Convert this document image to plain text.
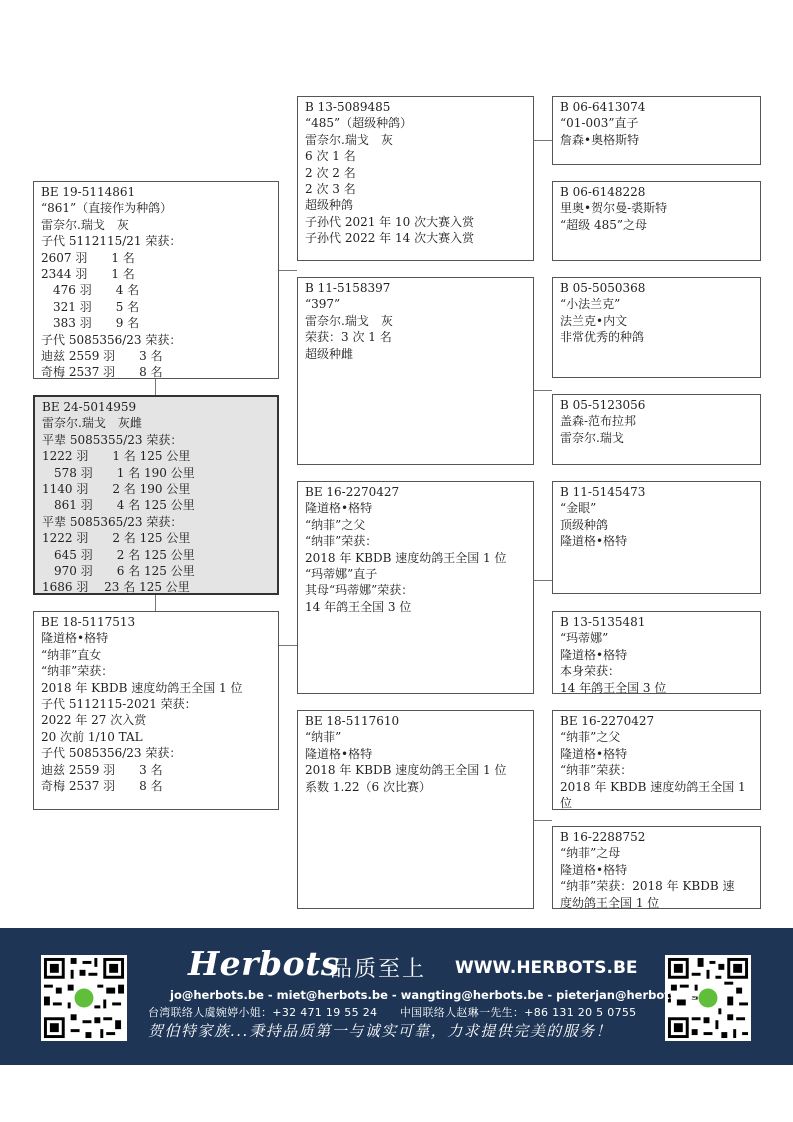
B 13-5089485
“485”（超级种鸽）
雷奈尔.瑞戈　灰
6 次 1 名
2 次 2 名
2 次 3 名
超级种鸽
子孙代 2021 年 10 次大赛入赏
子孙代 2022 年 14 次大赛入赏
B 11-5158397
“397”
雷奈尔.瑞戈　灰
荣获：3 次 1 名
超级种雌
BE 16-2270427
隆道格•格特
“纳菲”之父
“纳菲”荣获：
2018 年 KBDB 速度幼鸽王全国 1 位
“玛蒂娜”直子
其母“玛蒂娜”荣获：
14 年鸽王全国 3 位
BE 18-5117610
“纳菲”
隆道格•格特
2018 年 KBDB 速度幼鸽王全国 1 位
系数 1.22（6 次比赛）
BE 19-5114861
“861”（直接作为种鸽）
雷奈尔.瑞戈　灰
子代 5112115/21 荣获：
2607 羽　　1 名
2344 羽　　1 名
　476 羽　　4 名
　321 羽　　5 名
　383 羽　　9 名
子代 5085356/23 荣获：
迪兹 2559 羽　　3 名
奇梅 2537 羽　　8 名
BE 24-5014959
雷奈尔.瑞戈　灰雌
平辈 5085355/23 荣获：
1222 羽　　1 名 125 公里
　578 羽　　1 名 190 公里
1140 羽　　2 名 190 公里
　861 羽　　4 名 125 公里
平辈 5085365/23 荣获：
1222 羽　　2 名 125 公里
　645 羽　　2 名 125 公里
　970 羽　　6 名 125 公里
1686 羽　 23 名 125 公里
BE 18-5117513
隆道格•格特
“纳菲”直女
“纳菲”荣获：
2018 年 KBDB 速度幼鸽王全国 1 位
子代 5112115-2021 荣获：
2022 年 27 次入赏
20 次前 1/10 TAL
子代 5085356/23 荣获：
迪兹 2559 羽　　3 名
奇梅 2537 羽　　8 名
B 06-6413074
“01-003”直子
詹森•奥格斯特
B 06-6148228
里奥•贺尔曼-裘斯特
“超级 485”之母
B 05-5050368
“小法兰克”
法兰克•内文
非常优秀的种鸽
B 05-5123056
盖森-范布拉邦
雷奈尔.瑞戈
B 11-5145473
“金眼”
顶级种鸽
隆道格•格特
B 13-5135481
“玛蒂娜”
隆道格•格特
本身荣获：
14 年鸽王全国 3 位
BE 16-2270427
“纳菲”之父
隆道格•格特
“纳菲”荣获：
2018 年 KBDB 速度幼鸽王全国 1
位
B 16-2288752
“纳菲”之母
隆道格•格特
“纳菲”荣获：2018 年 KBDB 速
度幼鸽王全国 1 位
Herbots
品质至上 WWW.HERBOTS.BE
jo@herbots.be - miet@herbots.be - wangting@herbots.be - pieterjan@herbots.be
台湾联络人虞婉婷小姐：+32 471 19 55 24　　中国联络人赵琳一先生：+86 131 20 5 0755
贺伯特家族...秉持品质第一与诚实可靠，力求提供完美的服务！
